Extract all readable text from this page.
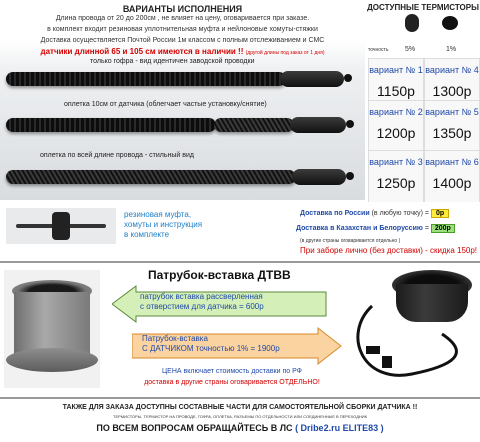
ВАРИАНТЫ ИСПОЛНЕНИЯ
Длина провода от 20 до 200см , не влияет на цену, оговаривается при заказе.
в комплект входит резиновая уплотнительная муфта и нейлоновые хомуты-стяжки
Доставка осуществляется Почтой России 1м классом с полным отслеживанием и СМС
датчики длинной 65 и 105 см имеются в наличии !! (другой длины под заказ от 1 дня)
только гофра - вид идентичен заводской проводки
оплетка 10см от датчика (облегчает частые установку/снятие)
оплетка по всей длине провода - стильный вид
ДОСТУПНЫЕ ТЕРМИСТОРЫ
точность 5%	1%
вариант № 1
1150р
вариант № 4
1300р
вариант № 2
1200р
вариант № 5
1350р
вариант № 3
1250р
вариант № 6
1400р
резиновая муфта,
хомуты и инструкция
в комплекте
Доставка по России (в любую точку) = 0р
Доставка в Казахстан и Белоруссию = 200р
(в другие страны оговаривается отдельно )
При заборе лично (без доставки) - скидка 150р!
Патрубок-вставка ДТВВ
патрубок вставка рассверленная
с отверстием для датчика = 600р
Патрубок-вставка
С ДАТЧИКОМ точностью 1% = 1900р
ЦЕНА включает стоимость доставки по РФ
доставка в другие страны оговаривается ОТДЕЛЬНО!
ТАКЖЕ ДЛЯ ЗАКАЗА ДОСТУПНЫ СОСТАВНЫЕ ЧАСТИ ДЛЯ САМОСТОЯТЕЛЬНОЙ СБОРКИ ДАТЧИКА !!
ТЕРМИСТОРЫ, ТЕРМИСТОР НА ПРОВОДЕ, ГОФРА, ОПЛЕТКА, РАЗЪЕМЫ ПО ОТДЕЛЬНОСТИ ИЛИ СОЕДИНЕННЫЕ В ПЕРЕХОДНИК
ПО ВСЕМ ВОПРОСАМ ОБРАЩАЙТЕСЬ В ЛС ( Dribe2.ru ELITE83 )
